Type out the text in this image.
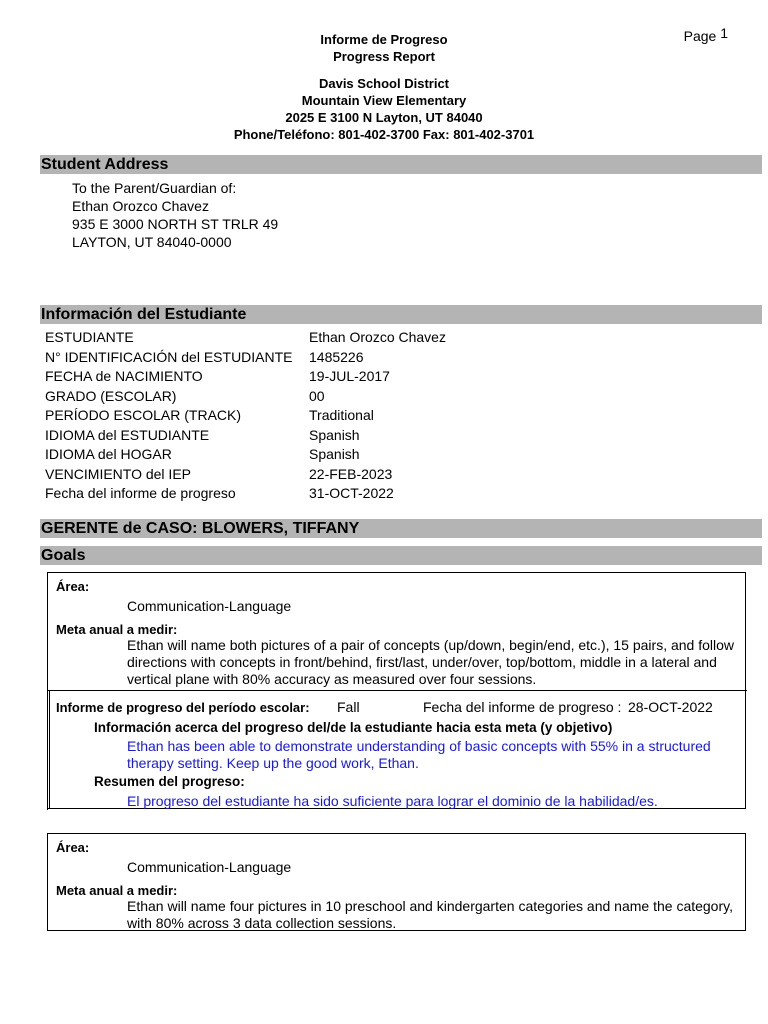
Page 1
Informe de Progreso
Progress Report
Davis School District
Mountain View Elementary
2025 E 3100 N Layton, UT 84040
Phone/Teléfono: 801-402-3700 Fax: 801-402-3701
Student Address
To the Parent/Guardian of:
Ethan Orozco Chavez
935 E 3000 NORTH ST TRLR 49
LAYTON, UT 84040-0000
Información del Estudiante
ESTUDIANTE	Ethan Orozco Chavez
N° IDENTIFICACIÓN del ESTUDIANTE 1485226
FECHA de NACIMIENTO	19-JUL-2017
GRADO (ESCOLAR)	00
PERÍODO ESCOLAR (TRACK)	Traditional
IDIOMA del ESTUDIANTE	Spanish
IDIOMA del HOGAR	Spanish
VENCIMIENTO del IEP	22-FEB-2023
Fecha del informe de progreso	31-OCT-2022
GERENTE de CASO: BLOWERS, TIFFANY
Goals
Área:
Communication-Language
Meta anual a medir:
Ethan will name both pictures of a pair of concepts (up/down, begin/end, etc.), 15 pairs, and follow directions with concepts in front/behind, first/last, under/over, top/bottom, middle in a lateral and vertical plane with 80% accuracy as measured over four sessions.
Informe de progreso del período escolar: Fall	Fecha del informe de progreso : 28-OCT-2022
Información acerca del progreso del/de la estudiante hacia esta meta (y objetivo)
Ethan has been able to demonstrate understanding of basic concepts with 55% in a structured therapy setting. Keep up the good work, Ethan.
Resumen del progreso:
El progreso del estudiante ha sido suficiente para lograr el dominio de la habilidad/es.
Área:
Communication-Language
Meta anual a medir:
Ethan will name four pictures in 10 preschool and kindergarten categories and name the category, with 80% across 3 data collection sessions.
